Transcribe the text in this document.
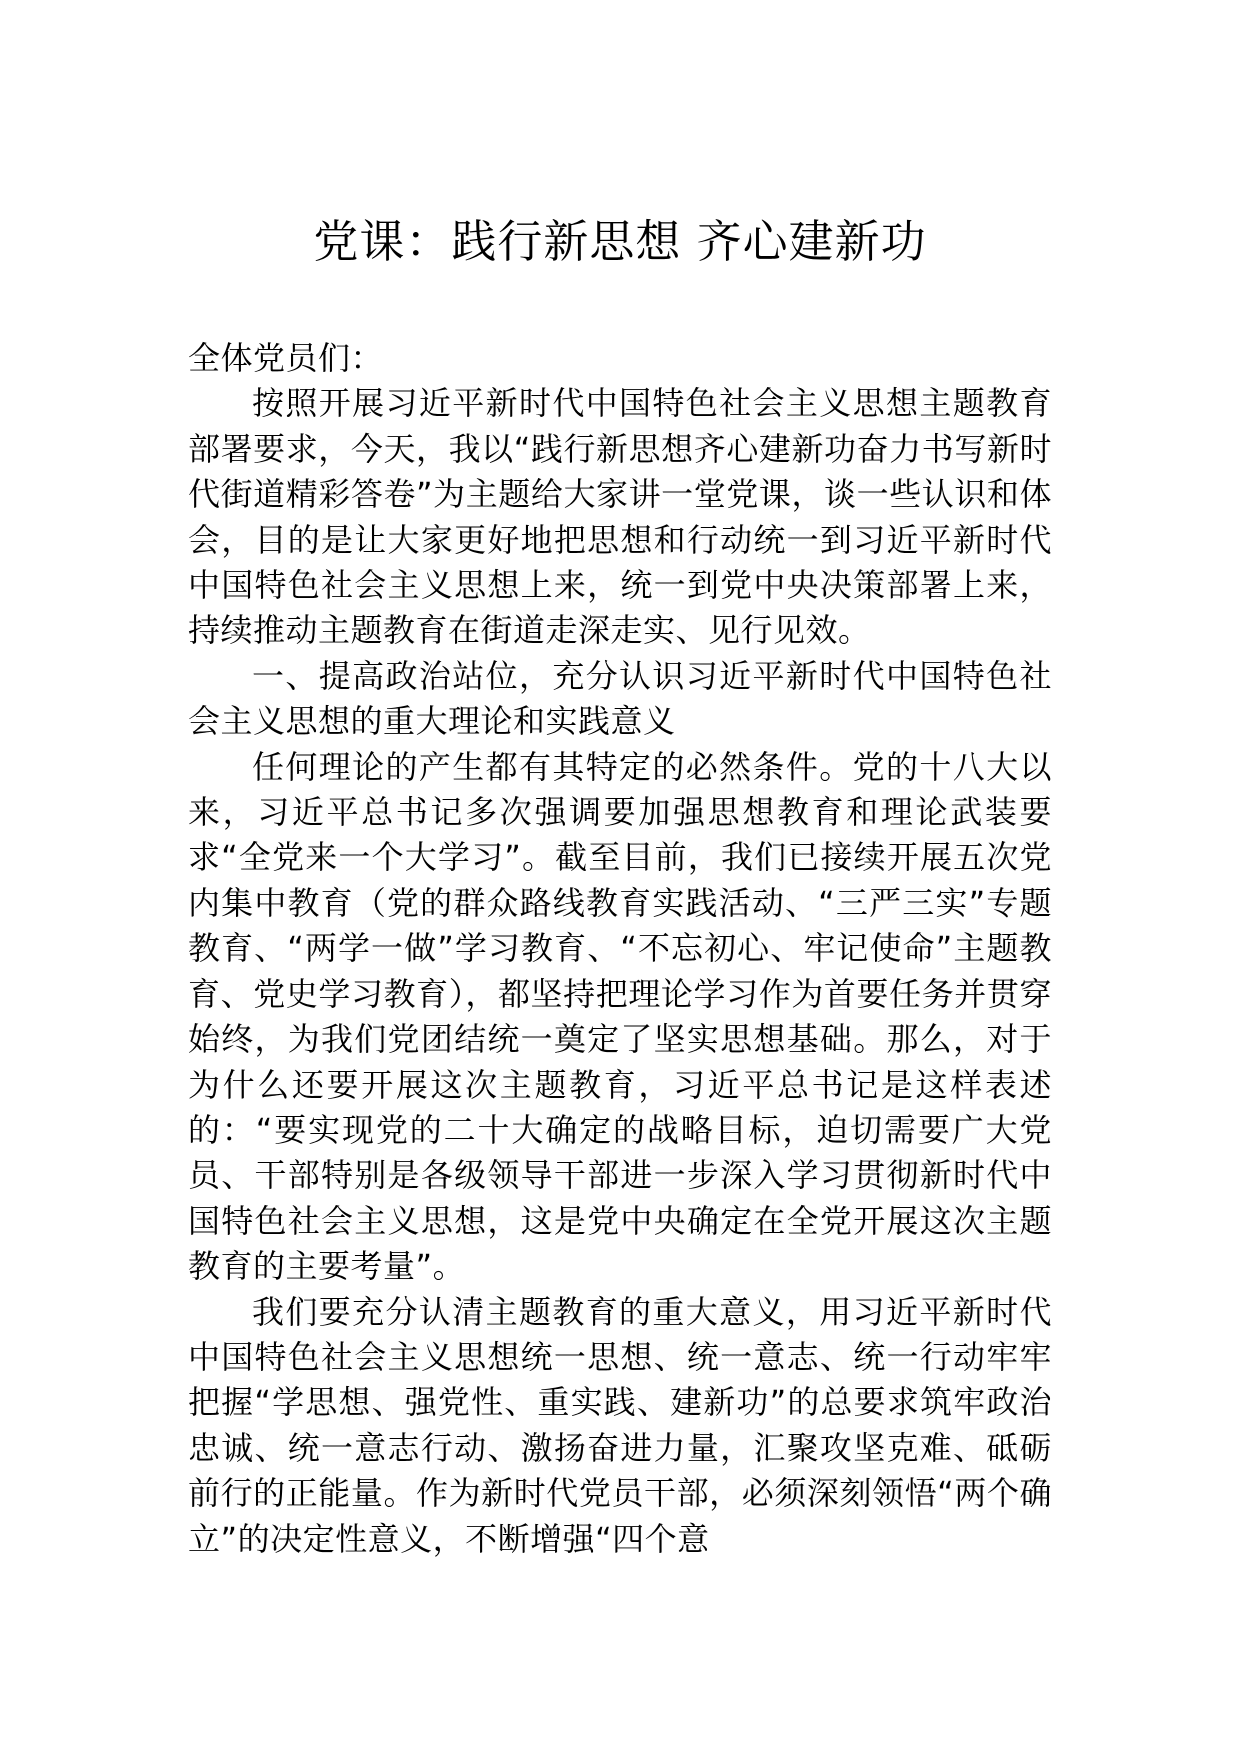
党课：践行新思想 齐心建新功

全体党员们：

按照开展习近平新时代中国特色社会主义思想主题教育部署要求，今天，我以“践行新思想齐心建新功奋力书写新时代街道精彩答卷”为主题给大家讲一堂党课，谈一些认识和体会，目的是让大家更好地把思想和行动统一到习近平新时代中国特色社会主义思想上来，统一到党中央决策部署上来，持续推动主题教育在街道走深走实、见行见效。

一、提高政治站位，充分认识习近平新时代中国特色社会主义思想的重大理论和实践意义

任何理论的产生都有其特定的必然条件。党的十八大以来，习近平总书记多次强调要加强思想教育和理论武装要求“全党来一个大学习”。截至目前，我们已接续开展五次党内集中教育（党的群众路线教育实践活动、“三严三实”专题教育、“两学一做”学习教育、“不忘初心、牢记使命”主题教育、党史学习教育），都坚持把理论学习作为首要任务并贯穿始终，为我们党团结统一奠定了坚实思想基础。那么，对于为什么还要开展这次主题教育，习近平总书记是这样表述的：“要实现党的二十大确定的战略目标，迫切需要广大党员、干部特别是各级领导干部进一步深入学习贯彻新时代中国特色社会主义思想，这是党中央确定在全党开展这次主题教育的主要考量”。

我们要充分认清主题教育的重大意义，用习近平新时代中国特色社会主义思想统一思想、统一意志、统一行动牢牢把握“学思想、强党性、重实践、建新功”的总要求筑牢政治忠诚、统一意志行动、激扬奋进力量，汇聚攻坚克难、砥砺前行的正能量。作为新时代党员干部，必须深刻领悟“两个确立”的决定性意义，不断增强“四个意
